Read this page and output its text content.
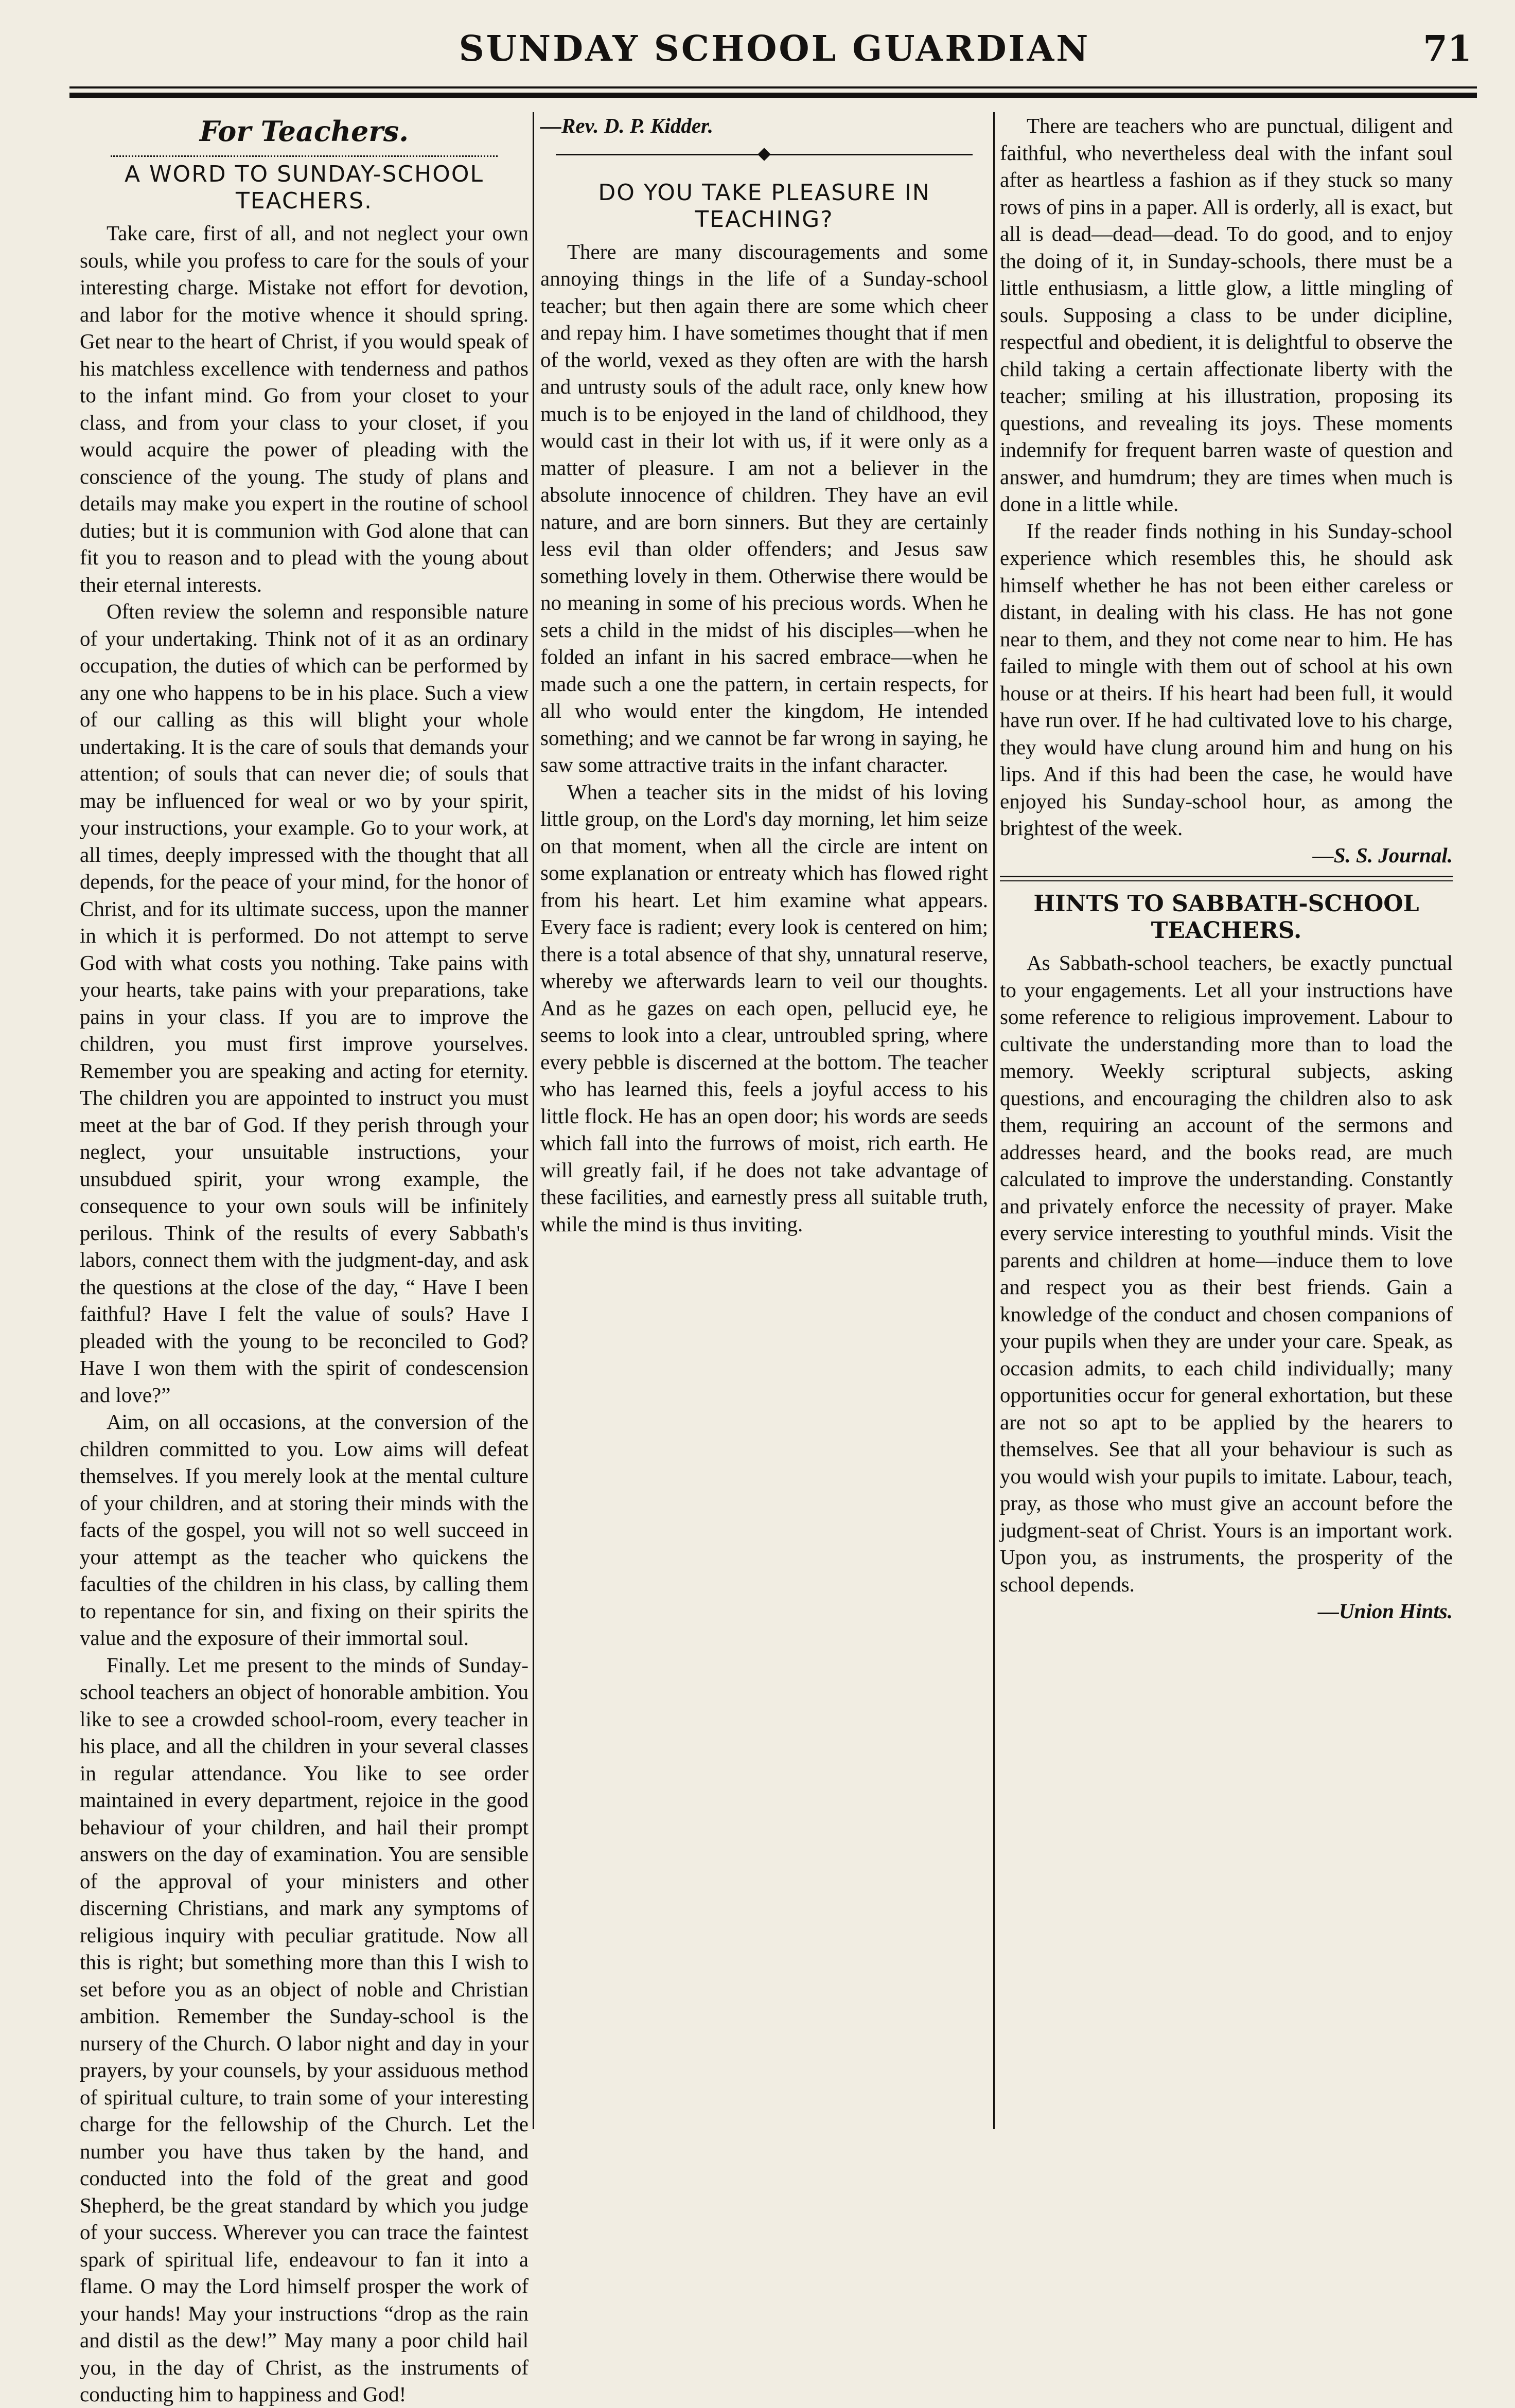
SUNDAY SCHOOL GUARDIAN	71
For Teachers.
A WORD TO SUNDAY-SCHOOL TEACHERS.

Take care, first of all, and not neglect your own souls, while you profess to care for the souls of your interesting charge. Mistake not effort for devotion, and labor for the motive whence it should spring. Get near to the heart of Christ, if you would speak of his matchless excellence with tenderness and pathos to the infant mind. Go from your closet to your class, and from your class to your closet, if you would acquire the power of pleading with the conscience of the young. The study of plans and details may make you expert in the routine of school duties; but it is communion with God alone that can fit you to reason and to plead with the young about their eternal interests.

Often review the solemn and responsible nature of your undertaking. Think not of it as an ordinary occupation, the duties of which can be performed by any one who happens to be in his place. Such a view of our calling as this will blight your whole undertaking. It is the care of souls that demands your attention; of souls that can never die; of souls that may be influenced for weal or wo by your spirit, your instructions, your example. Go to your work, at all times, deeply impressed with the thought that all depends, for the peace of your mind, for the honor of Christ, and for its ultimate success, upon the manner in which it is performed. Do not attempt to serve God with what costs you nothing. Take pains with your hearts, take pains with your preparations, take pains in your class. If you are to improve the children, you must first improve yourselves. Remember you are speaking and acting for eternity. The children you are appointed to instruct you must meet at the bar of God. If they perish through your neglect, your unsuitable instructions, your unsubdued spirit, your wrong example, the consequence to your own souls will be infinitely perilous. Think of the results of every Sabbath's labors, connect them with the judgment-day, and ask the questions at the close of the day, “ Have I been faithful? Have I felt the value of souls? Have I pleaded with the young to be reconciled to God? Have I won them with the spirit of condescension and love?”

Aim, on all occasions, at the conversion of the children committed to you. Low aims will defeat themselves. If you merely look at the mental culture of your children, and at storing their minds with the facts of the gospel, you will not so well succeed in your attempt as the teacher who quickens the faculties of the children in his class, by calling them to repentance for sin, and fixing on their spirits the value and the exposure of their immortal soul.

Finally. Let me present to the minds of Sunday-school teachers an object of honorable ambition. You like to see a crowded school-room, every teacher in his place, and all the children in your several classes in regular attendance. You like to see order maintained in every department, rejoice in the good behaviour of your children, and hail their prompt answers on the day of examination. You are sensible of the approval of your ministers and other discerning Christians, and mark any symptoms of religious inquiry with peculiar gratitude. Now all this is right; but something more than this I wish to set before you as an object of noble and Christian ambition. Remember the Sunday-school is the nursery of the Church. O labor night and day in your prayers, by your counsels, by your assiduous method of spiritual culture, to train some of your interesting charge for the fellowship of the Church. Let the number you have thus taken by the hand, and conducted into the fold of the great and good Shepherd, be the great standard by which you judge of your success. Wherever you can trace the faintest spark of spiritual life, endeavour to fan it into a flame. O may the Lord himself prosper the work of your hands! May your instructions “drop as the rain and distil as the dew!” May many a poor child hail you, in the day of Christ, as the instruments of conducting him to happiness and God!

—Rev. D. P. Kidder.

DO YOU TAKE PLEASURE IN TEACHING?

There are many discouragements and some annoying things in the life of a Sunday-school teacher; but then again there are some which cheer and repay him. I have sometimes thought that if men of the world, vexed as they often are with the harsh and untrusty souls of the adult race, only knew how much is to be enjoyed in the land of childhood, they would cast in their lot with us, if it were only as a matter of pleasure. I am not a believer in the absolute innocence of children. They have an evil nature, and are born sinners. But they are certainly less evil than older offenders; and Jesus saw something lovely in them. Otherwise there would be no meaning in some of his precious words. When he sets a child in the midst of his disciples—when he folded an infant in his sacred embrace—when he made such a one the pattern, in certain respects, for all who would enter the kingdom, He intended something; and we cannot be far wrong in saying, he saw some attractive traits in the infant character.

When a teacher sits in the midst of his loving little group, on the Lord's day morning, let him seize on that moment, when all the circle are intent on some explanation or entreaty which has flowed right from his heart. Let him examine what appears. Every face is radient; every look is centered on him; there is a total absence of that shy, unnatural reserve, whereby we afterwards learn to veil our thoughts. And as he gazes on each open, pellucid eye, he seems to look into a clear, untroubled spring, where every pebble is discerned at the bottom. The teacher who has learned this, feels a joyful access to his little flock. He has an open door; his words are seeds which fall into the furrows of moist, rich earth. He will greatly fail, if he does not take advantage of these facilities, and earnestly press all suitable truth, while the mind is thus inviting.

There are teachers who are punctual, diligent and faithful, who nevertheless deal with the infant soul after as heartless a fashion as if they stuck so many rows of pins in a paper. All is orderly, all is exact, but all is dead—dead—dead. To do good, and to enjoy the doing of it, in Sunday-schools, there must be a little enthusiasm, a little glow, a little mingling of souls. Supposing a class to be under dicipline, respectful and obedient, it is delightful to observe the child taking a certain affectionate liberty with the teacher; smiling at his illustration, proposing its questions, and revealing its joys. These moments indemnify for frequent barren waste of question and answer, and humdrum; they are times when much is done in a little while.

If the reader finds nothing in his Sunday-school experience which resembles this, he should ask himself whether he has not been either careless or distant, in dealing with his class. He has not gone near to them, and they not come near to him. He has failed to mingle with them out of school at his own house or at theirs. If his heart had been full, it would have run over. If he had cultivated love to his charge, they would have clung around him and hung on his lips. And if this had been the case, he would have enjoyed his Sunday-school hour, as among the brightest of the week.

—S. S. Journal.

HINTS TO SABBATH-SCHOOL TEACHERS.

As Sabbath-school teachers, be exactly punctual to your engagements. Let all your instructions have some reference to religious improvement. Labour to cultivate the understanding more than to load the memory. Weekly scriptural subjects, asking questions, and encouraging the children also to ask them, requiring an account of the sermons and addresses heard, and the books read, are much calculated to improve the understanding. Constantly and privately enforce the necessity of prayer. Make every service interesting to youthful minds. Visit the parents and children at home—induce them to love and respect you as their best friends. Gain a knowledge of the conduct and chosen companions of your pupils when they are under your care. Speak, as occasion admits, to each child individually; many opportunities occur for general exhortation, but these are not so apt to be applied by the hearers to themselves. See that all your behaviour is such as you would wish your pupils to imitate. Labour, teach, pray, as those who must give an account before the judgment-seat of Christ. Yours is an important work. Upon you, as instruments, the prosperity of the school depends.

—Union Hints.
